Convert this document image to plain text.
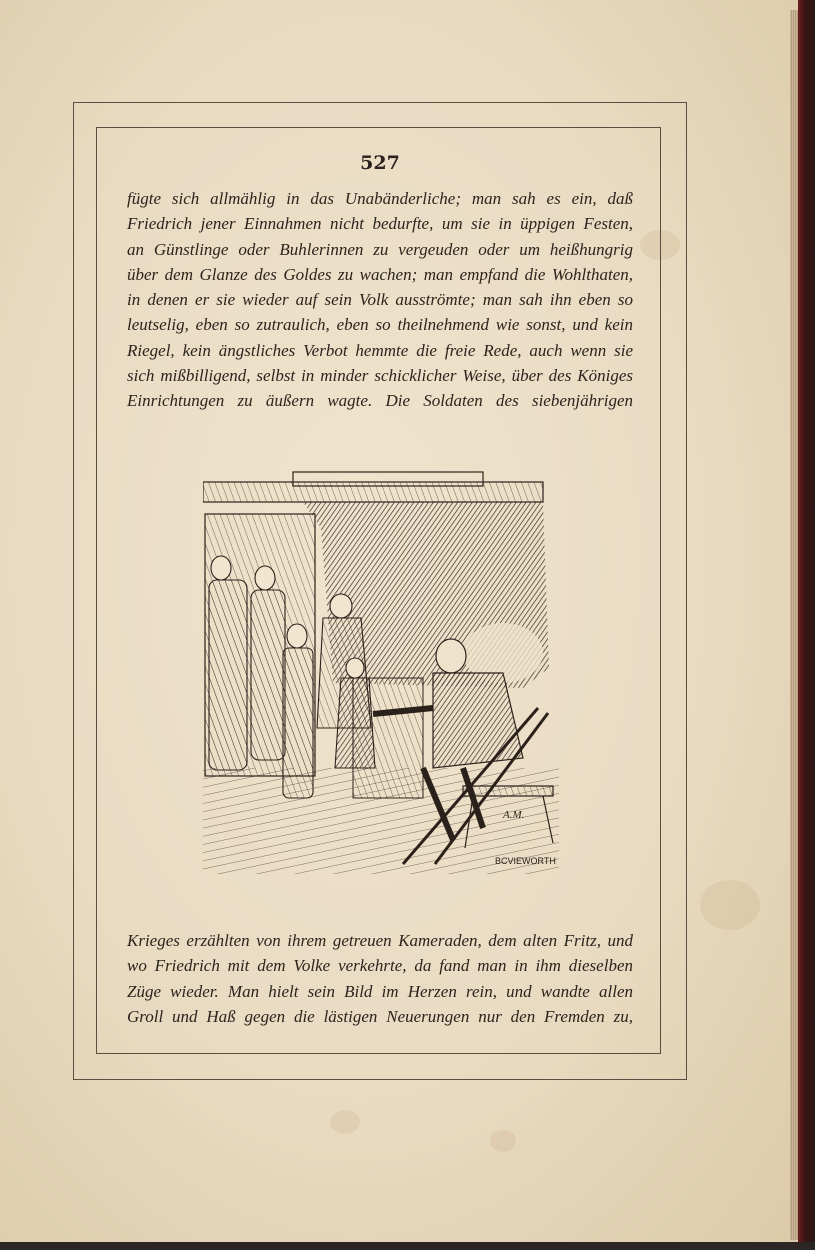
527
fügte sich allmählig in das Unabänderliche; man sah es ein, daß
Friedrich jener Einnahmen nicht bedurfte, um sie in üppigen Festen,
an Günstlinge oder Buhlerinnen zu vergeuden oder um heißhungrig
über dem Glanze des Goldes zu wachen; man empfand die Wohlthaten,
in denen er sie wieder auf sein Volk ausströmte; man sah ihn eben so
leutselig, eben so zutraulich, eben so theilnehmend wie sonst, und kein
Riegel, kein ängstliches Verbot hemmte die freie Rede, auch wenn sie
sich mißbilligend, selbst in minder schicklicher Weise, über des Königes
Einrichtungen zu äußern wagte. Die Soldaten des siebenjährigen
BCVIEWORTH
A.M.
Krieges erzählten von ihrem getreuen Kameraden, dem alten Fritz, und
wo Friedrich mit dem Volke verkehrte, da fand man in ihm dieselben
Züge wieder. Man hielt sein Bild im Herzen rein, und wandte allen
Groll und Haß gegen die lästigen Neuerungen nur den Fremden zu,
